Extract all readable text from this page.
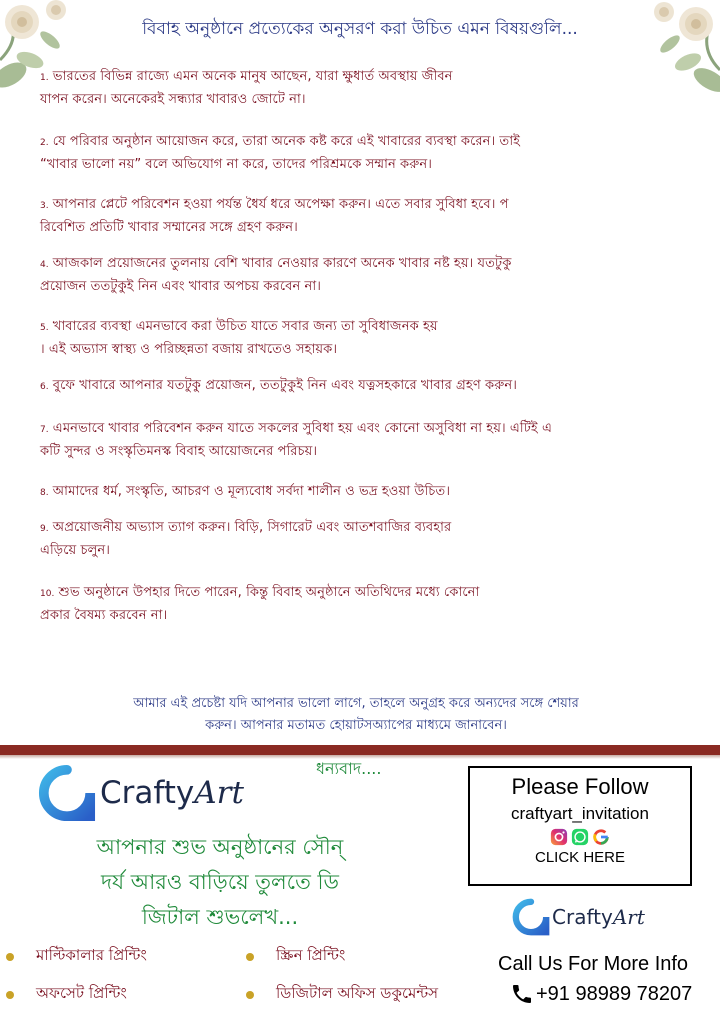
বিবাহ অনুষ্ঠানে প্রত্যেকের অনুসরণ করা উচিত এমন বিষয়গুলি...
1. ভারতের বিভিন্ন রাজ্যে এমন অনেক মানুষ আছেন, যারা ক্ষুধার্ত অবস্থায় জীবন
যাপন করেন। অনেকেরই সন্ধ্যার খাবারও জোটে না।
2. যে পরিবার অনুষ্ঠান আয়োজন করে, তারা অনেক কষ্ট করে এই খাবারের ব্যবস্থা করেন। তাই
“খাবার ভালো নয়” বলে অভিযোগ না করে, তাদের পরিশ্রমকে সম্মান করুন।
3. আপনার প্লেটে পরিবেশন হওয়া পর্যন্ত ধৈর্য ধরে অপেক্ষা করুন। এতে সবার সুবিধা হবে। প
রিবেশিত প্রতিটি খাবার সম্মানের সঙ্গে গ্রহণ করুন।
4. আজকাল প্রয়োজনের তুলনায় বেশি খাবার নেওয়ার কারণে অনেক খাবার নষ্ট হয়। যতটুকু
প্রয়োজন ততটুকুই নিন এবং খাবার অপচয় করবেন না।
5. খাবারের ব্যবস্থা এমনভাবে করা উচিত যাতে সবার জন্য তা সুবিধাজনক হয়
। এই অভ্যাস স্বাস্থ্য ও পরিচ্ছন্নতা বজায় রাখতেও সহায়ক।
6. বুফে খাবারে আপনার যতটুকু প্রয়োজন, ততটুকুই নিন এবং যত্নসহকারে খাবার গ্রহণ করুন।
7. এমনভাবে খাবার পরিবেশন করুন যাতে সকলের সুবিধা হয় এবং কোনো অসুবিধা না হয়। এটিই এ
কটি সুন্দর ও সংস্কৃতিমনস্ক বিবাহ আয়োজনের পরিচয়।
8. আমাদের ধর্ম, সংস্কৃতি, আচরণ ও মূল্যবোধ সর্বদা শালীন ও ভদ্র হওয়া উচিত।
9. অপ্রয়োজনীয় অভ্যাস ত্যাগ করুন। বিড়ি, সিগারেট এবং আতশবাজির ব্যবহার
এড়িয়ে চলুন।
10. শুভ অনুষ্ঠানে উপহার দিতে পারেন, কিন্তু বিবাহ অনুষ্ঠানে অতিথিদের মধ্যে কোনো
প্রকার বৈষম্য করবেন না।
আমার এই প্রচেষ্টা যদি আপনার ভালো লাগে, তাহলে অনুগ্রহ করে অন্যদের সঙ্গে শেয়ার
করুন। আপনার মতামত হোয়াটসঅ্যাপের মাধ্যমে জানাবেন।
CraftyArt
ধন্যবাদ....
আপনার শুভ অনুষ্ঠানের সৌন্
দর্য আরও বাড়িয়ে তুলতে ডি
জিটাল শুভলেখ...
Please Follow
craftyart_invitation
CLICK HERE
CraftyArt
মাল্টিকালার প্রিন্টিং	স্ক্রিন প্রিন্টিং
অফসেট প্রিন্টিং	ডিজিটাল অফিস ডকুমেন্টস
Call Us For More Info
+91 98989 78207
